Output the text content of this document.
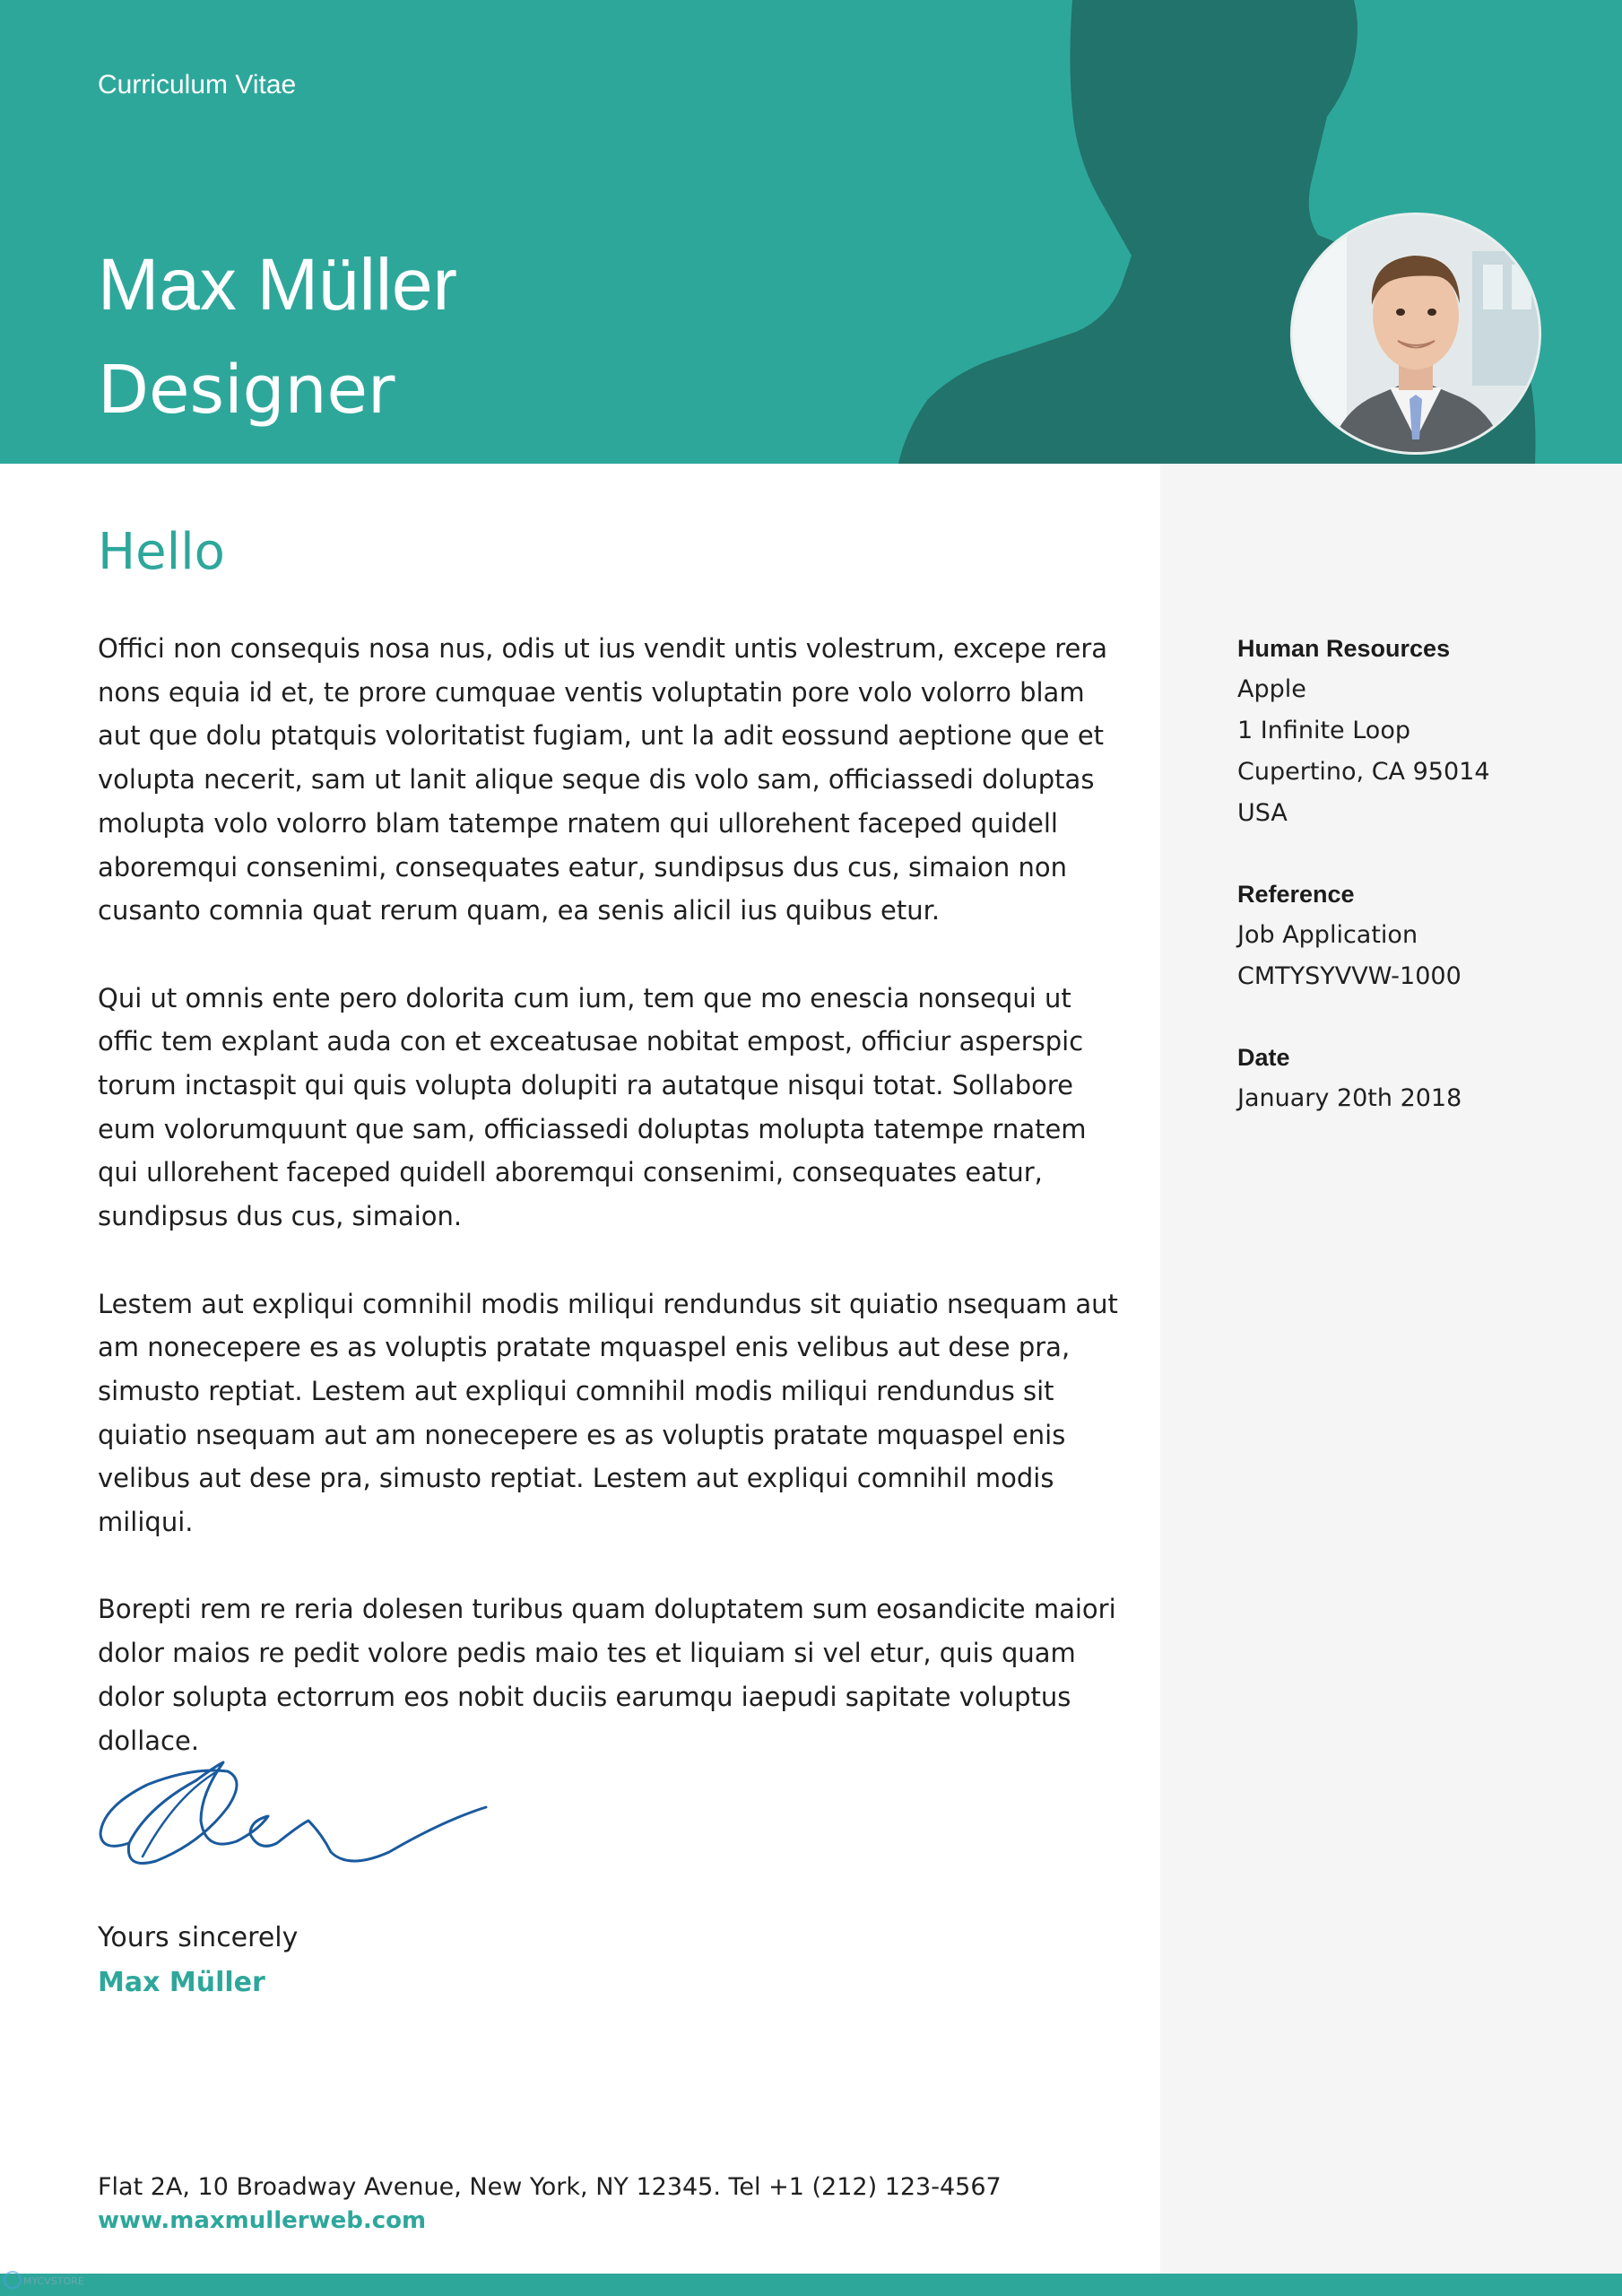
Curriculum Vitae
Max Müller
Designer
Hello

Offici non consequis nosa nus, odis ut ius vendit untis volestrum, excepe rera nons equia id et, te prore cumquae ventis voluptatin pore volo volorro blam aut que dolu ptatquis voloritatist fugiam, unt la adit eossund aeptione que et volupta necerit, sam ut lanit alique seque dis volo sam, officiassedi doluptas molupta volo volorro blam tatempe rnatem qui ullorehent faceped quidell aboremqui consenimi, consequates eatur, sundipsus dus cus, simaion non cusanto comnia quat rerum quam, ea senis alicil ius quibus etur.

Qui ut omnis ente pero dolorita cum ium, tem que mo enescia nonsequi ut offic tem explant auda con et exceatusae nobitat empost, officiur asperspic torum inctaspit qui quis volupta dolupiti ra autatque nisqui totat. Sollabore eum volorumquunt que sam, officiassedi doluptas molupta tatempe rnatem qui ullorehent faceped quidell aboremqui consenimi, consequates eatur, sundipsus dus cus, simaion.

Lestem aut expliqui comnihil modis miliqui rendundus sit quiatio nsequam aut am nonecepere es as voluptis pratate mquaspel enis velibus aut dese pra, simusto reptiat. Lestem aut expliqui comnihil modis miliqui rendundus sit quiatio nsequam aut am nonecepere es as voluptis pratate mquaspel enis velibus aut dese pra, simusto reptiat. Lestem aut expliqui comnihil modis miliqui.

Borepti rem re reria dolesen turibus quam doluptatem sum eosandicite maiori dolor maios re pedit volore pedis maio tes et liquiam si vel etur, quis quam dolor solupta ectorrum eos nobit duciis earumqu iaepudi sapitate voluptus dollace.

Yours sincerely
Max Müller
Flat 2A, 10 Broadway Avenue, New York, NY 12345. Tel +1 (212) 123-4567
www.maxmullerweb.com
Human Resources
Apple
1 Infinite Loop
Cupertino, CA 95014
USA
Reference
Job Application
CMTYSYVVW-1000
Date
January 20th 2018
MYCVSTORE
